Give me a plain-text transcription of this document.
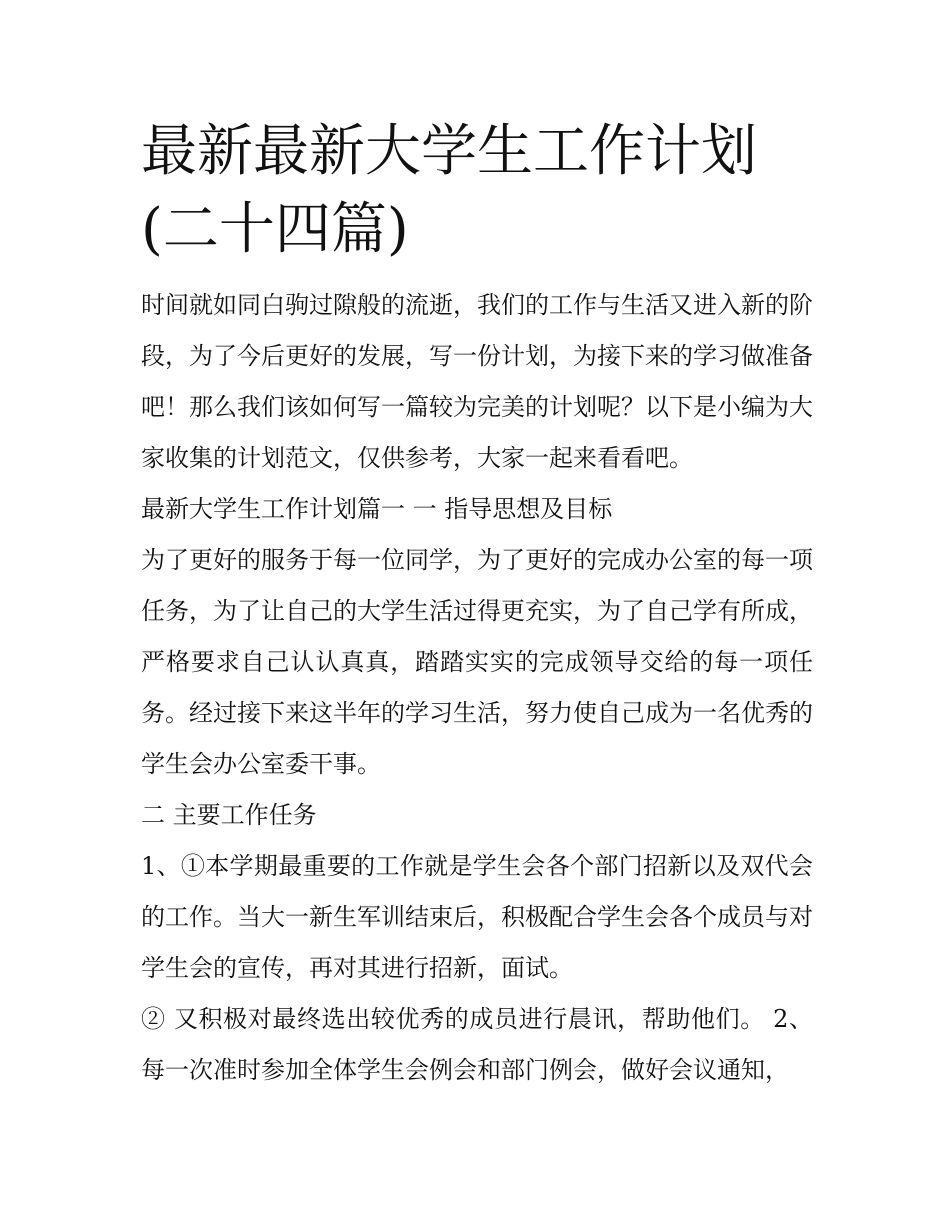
最新最新大学生工作计划(二十四篇)

时间就如同白驹过隙般的流逝，我们的工作与生活又进入新的阶段，为了今后更好的发展，写一份计划，为接下来的学习做准备吧！那么我们该如何写一篇较为完美的计划呢？以下是小编为大家收集的计划范文，仅供参考，大家一起来看看吧。

最新大学生工作计划篇一 一 指导思想及目标

为了更好的服务于每一位同学，为了更好的完成办公室的每一项任务，为了让自己的大学生活过得更充实，为了自己学有所成，严格要求自己认认真真，踏踏实实的完成领导交给的每一项任务。经过接下来这半年的学习生活，努力使自己成为一名优秀的学生会办公室委干事。

二 主要工作任务

1、①本学期最重要的工作就是学生会各个部门招新以及双代会的工作。当大一新生军训结束后，积极配合学生会各个成员与对学生会的宣传，再对其进行招新，面试。

② 又积极对最终选出较优秀的成员进行晨讯，帮助他们。 2、每一次准时参加全体学生会例会和部门例会，做好会议通知，
